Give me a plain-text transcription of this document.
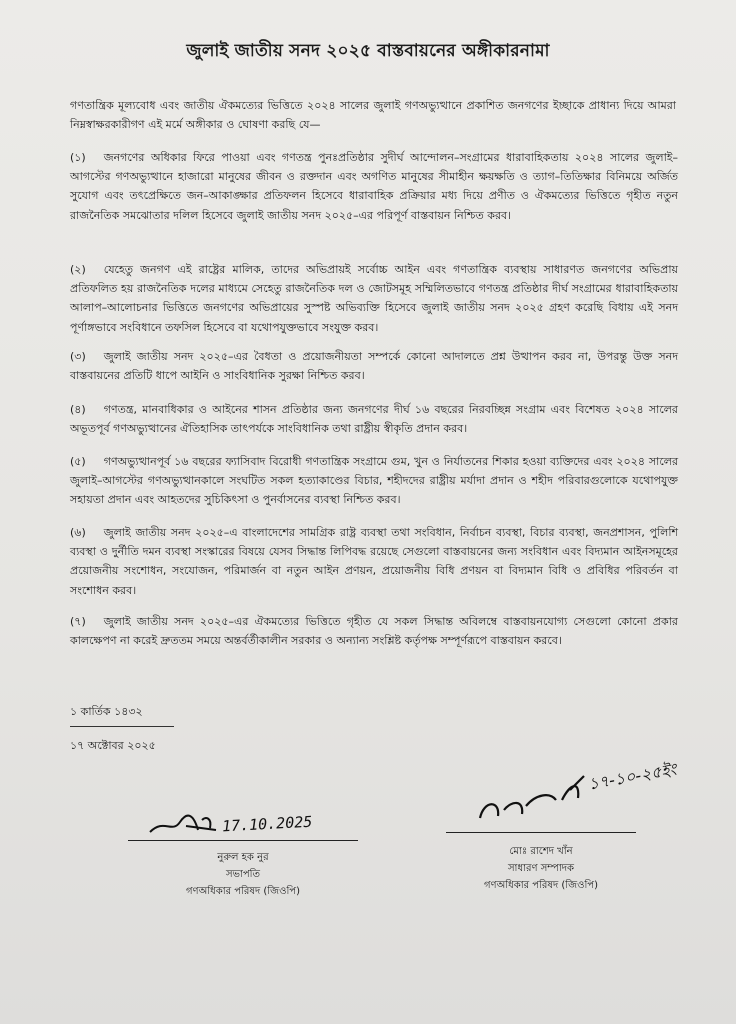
জুলাই জাতীয় সনদ ২০২৫ বাস্তবায়নের অঙ্গীকারনামা
গণতান্ত্রিক মূল্যবোধ এবং জাতীয় ঐকমত্যের ভিত্তিতে ২০২৪ সালের জুলাই গণঅভ্যুত্থানে প্রকাশিত জনগণের ইচ্ছাকে প্রাধান্য দিয়ে আমরা নিম্নস্বাক্ষরকারীগণ এই মর্মে অঙ্গীকার ও ঘোষণা করছি যে—
(১) জনগণের অধিকার ফিরে পাওয়া এবং গণতন্ত্র পুনঃপ্রতিষ্ঠার সুদীর্ঘ আন্দোলন–সংগ্রামের ধারাবাহিকতায় ২০২৪ সালের জুলাই–আগস্টের গণঅভ্যুত্থানে হাজারো মানুষের জীবন ও রক্তদান এবং অগণিত মানুষের সীমাহীন ক্ষয়ক্ষতি ও ত্যাগ–তিতিক্ষার বিনিময়ে অর্জিত সুযোগ এবং তৎপ্রেক্ষিতে জন–আকাঙ্ক্ষার প্রতিফলন হিসেবে ধারাবাহিক প্রক্রিয়ার মধ্য দিয়ে প্রণীত ও ঐকমত্যের ভিত্তিতে গৃহীত নতুন রাজনৈতিক সমঝোতার দলিল হিসেবে জুলাই জাতীয় সনদ ২০২৫–এর পরিপূর্ণ বাস্তবায়ন নিশ্চিত করব।
(২) যেহেতু জনগণ এই রাষ্ট্রের মালিক, তাদের অভিপ্রায়ই সর্বোচ্চ আইন এবং গণতান্ত্রিক ব্যবস্থায় সাধারণত জনগণের অভিপ্রায় প্রতিফলিত হয় রাজনৈতিক দলের মাধ্যমে সেহেতু রাজনৈতিক দল ও জোটসমূহ সম্মিলিতভাবে গণতন্ত্র প্রতিষ্ঠার দীর্ঘ সংগ্রামের ধারাবাহিকতায় আলাপ–আলোচনার ভিত্তিতে জনগণের অভিপ্রায়ের সুস্পষ্ট অভিব্যক্তি হিসেবে জুলাই জাতীয় সনদ ২০২৫ গ্রহণ করেছি বিধায় এই সনদ পূর্ণাঙ্গভাবে সংবিধানে তফসিল হিসেবে বা যথোপযুক্তভাবে সংযুক্ত করব।
(৩) জুলাই জাতীয় সনদ ২০২৫–এর বৈধতা ও প্রয়োজনীয়তা সম্পর্কে কোনো আদালতে প্রশ্ন উত্থাপন করব না, উপরন্তু উক্ত সনদ বাস্তবায়নের প্রতিটি ধাপে আইনি ও সাংবিধানিক সুরক্ষা নিশ্চিত করব।
(৪) গণতন্ত্র, মানবাধিকার ও আইনের শাসন প্রতিষ্ঠার জন্য জনগণের দীর্ঘ ১৬ বছরের নিরবচ্ছিন্ন সংগ্রাম এবং বিশেষত ২০২৪ সালের অভূতপূর্ব গণঅভ্যুত্থানের ঐতিহাসিক তাৎপর্যকে সাংবিধানিক তথা রাষ্ট্রীয় স্বীকৃতি প্রদান করব।
(৫) গণঅভ্যুত্থানপূর্ব ১৬ বছরের ফ্যাসিবাদ বিরোধী গণতান্ত্রিক সংগ্রামে গুম, খুন ও নির্যাতনের শিকার হওয়া ব্যক্তিদের এবং ২০২৪ সালের জুলাই–আগস্টের গণঅভ্যুত্থানকালে সংঘটিত সকল হত্যাকাণ্ডের বিচার, শহীদদের রাষ্ট্রীয় মর্যাদা প্রদান ও শহীদ পরিবারগুলোকে যথোপযুক্ত সহায়তা প্রদান এবং আহতদের সুচিকিৎসা ও পুনর্বাসনের ব্যবস্থা নিশ্চিত করব।
(৬) জুলাই জাতীয় সনদ ২০২৫–এ বাংলাদেশের সামগ্রিক রাষ্ট্র ব্যবস্থা তথা সংবিধান, নির্বাচন ব্যবস্থা, বিচার ব্যবস্থা, জনপ্রশাসন, পুলিশি ব্যবস্থা ও দুর্নীতি দমন ব্যবস্থা সংস্কারের বিষয়ে যেসব সিদ্ধান্ত লিপিবদ্ধ রয়েছে সেগুলো বাস্তবায়নের জন্য সংবিধান এবং বিদ্যমান আইনসমূহের প্রয়োজনীয় সংশোধন, সংযোজন, পরিমার্জন বা নতুন আইন প্রণয়ন, প্রয়োজনীয় বিধি প্রণয়ন বা বিদ্যমান বিধি ও প্রবিধির পরিবর্তন বা সংশোধন করব।
(৭) জুলাই জাতীয় সনদ ২০২৫–এর ঐকমত্যের ভিত্তিতে গৃহীত যে সকল সিদ্ধান্ত অবিলম্বে বাস্তবায়নযোগ্য সেগুলো কোনো প্রকার কালক্ষেপণ না করেই দ্রুততম সময়ে অন্তর্বর্তীকালীন সরকার ও অন্যান্য সংশ্লিষ্ট কর্তৃপক্ষ সম্পূর্ণরূপে বাস্তবায়ন করবে।
১ কার্তিক ১৪৩২
১৭ অক্টোবর ২০২৫
17.10.2025
নুরুল হক নুর
সভাপতি
গণঅধিকার পরিষদ (জিওপি)
১৭-১০-২৫ইং
মোঃ রাশেদ খাঁন
সাধারণ সম্পাদক
গণঅধিকার পরিষদ (জিওপি)
